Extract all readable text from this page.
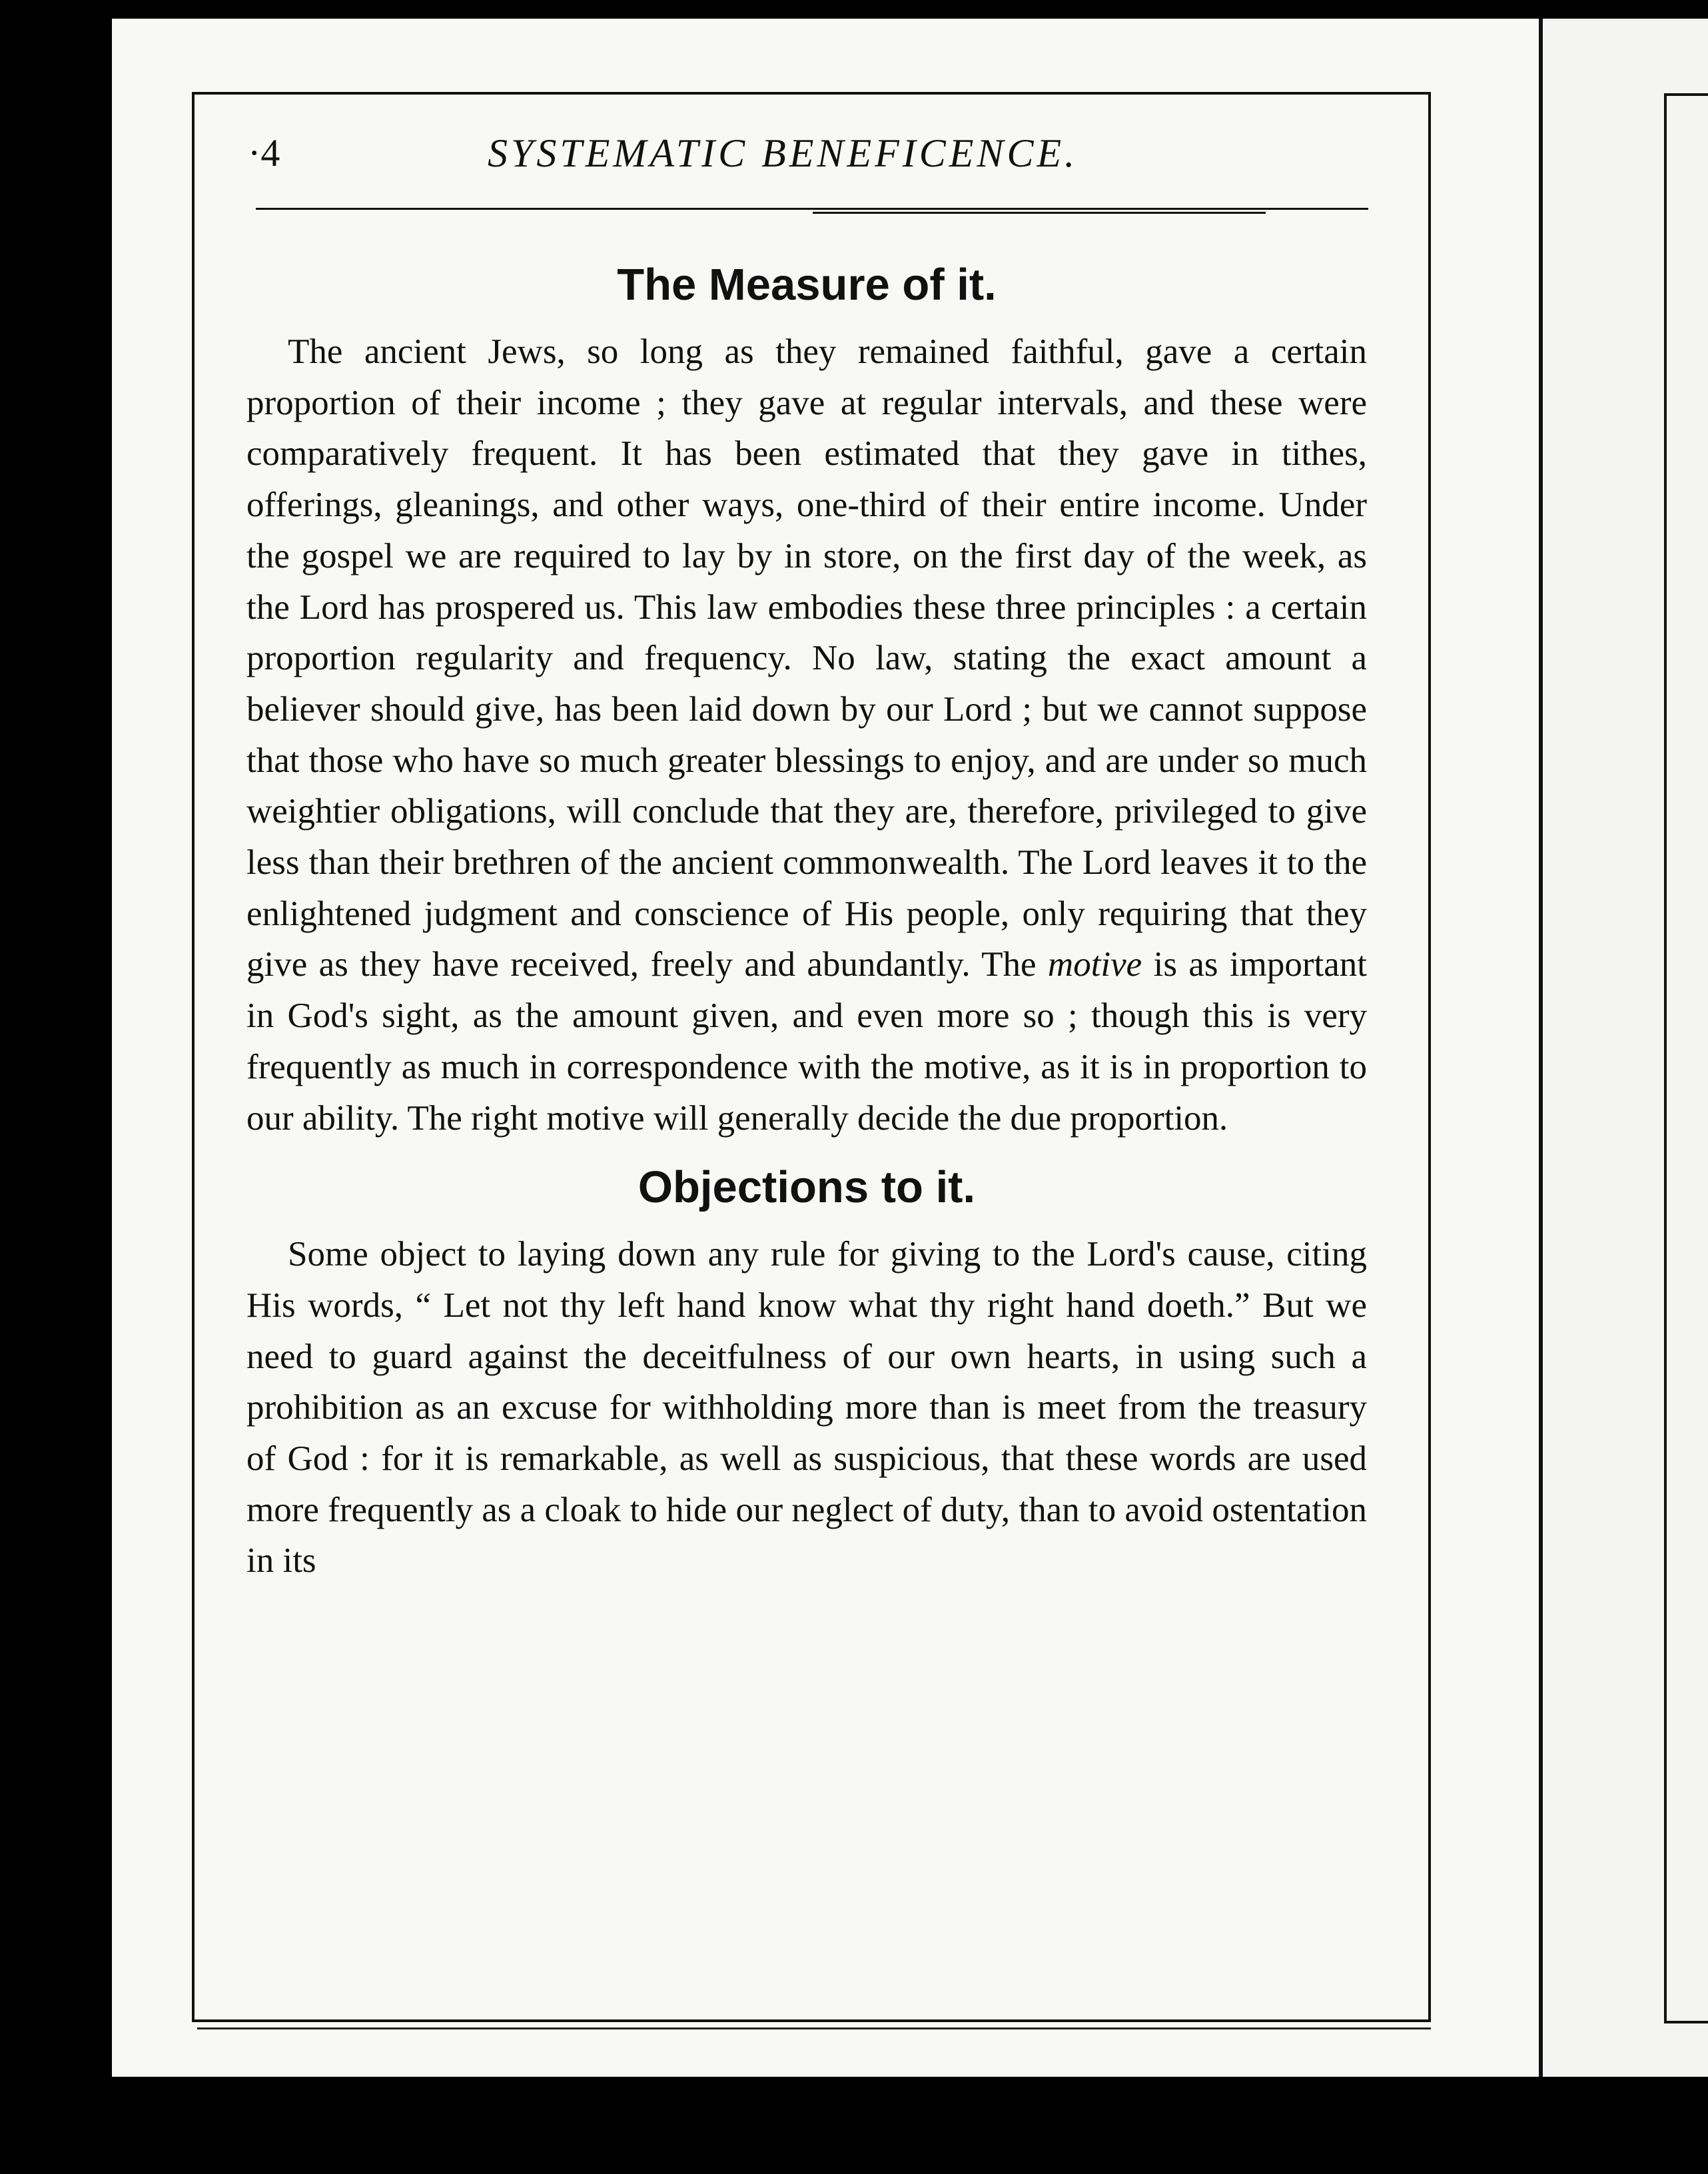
·4	SYSTEMATIC BENEFICENCE.
The Measure of it.

The ancient Jews, so long as they remained faithful, gave a certain proportion of their income ; they gave at regular intervals, and these were comparatively frequent. It has been estimated that they gave in tithes, offerings, gleanings, and other ways, one-third of their entire income. Under the gospel we are required to lay by in store, on the first day of the week, as the Lord has prospered us. This law embodies these three principles : a certain proportion regularity and frequency. No law, stating the exact amount a believer should give, has been laid down by our Lord ; but we cannot suppose that those who have so much greater blessings to enjoy, and are under so much weightier obligations, will conclude that they are, therefore, privileged to give less than their brethren of the ancient commonwealth. The Lord leaves it to the enlightened judgment and conscience of His people, only requiring that they give as they have received, freely and abundantly. The motive is as important in God's sight, as the amount given, and even more so ; though this is very frequently as much in correspondence with the motive, as it is in proportion to our ability. The right motive will generally decide the due proportion.

Objections to it.

Some object to laying down any rule for giving to the Lord's cause, citing His words, “ Let not thy left hand know what thy right hand doeth.” But we need to guard against the deceitfulness of our own hearts, in using such a prohibition as an excuse for withholding more than is meet from the treasury of God : for it is remarkable, as well as suspicious, that these words are used more frequently as a cloak to hide our neglect of duty, than to avoid ostentation in its
